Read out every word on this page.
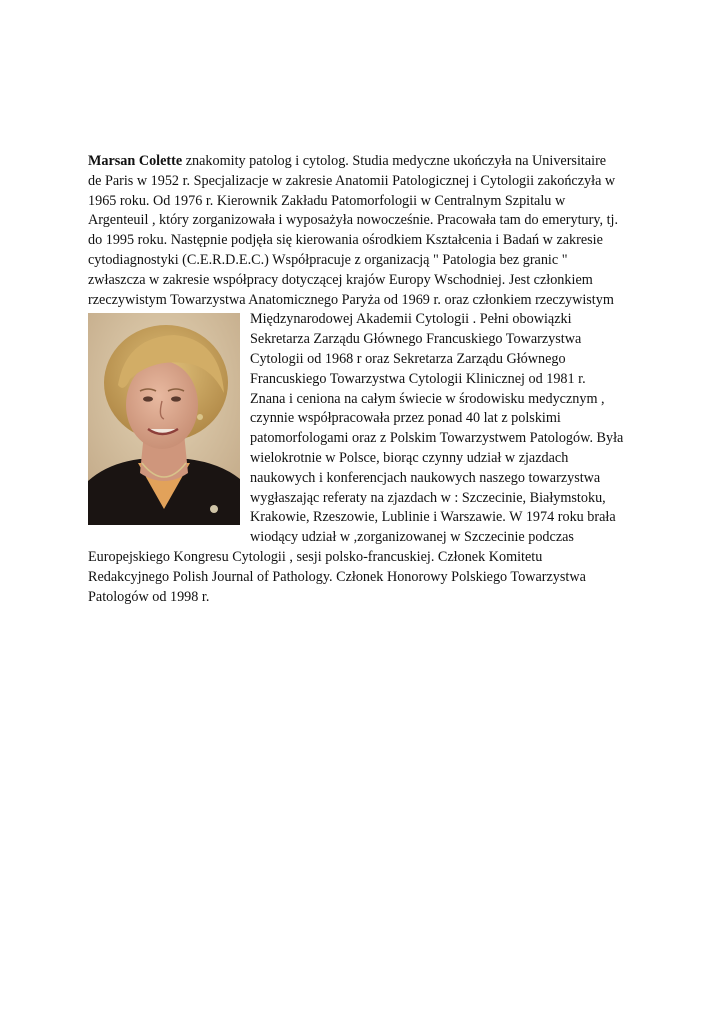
Marsan Colette znakomity patolog i cytolog. Studia medyczne ukończyła na Universitaire
de Paris w 1952 r. Specjalizacje w zakresie Anatomii Patologicznej i Cytologii zakończyła w
1965 roku. Od 1976 r. Kierownik Zakładu Patomorfologii w Centralnym Szpitalu w
Argenteuil , który zorganizowała i wyposażyła nowocześnie. Pracowała tam do emerytury, tj.
do 1995 roku. Następnie podjęła się kierowania ośrodkiem Kształcenia i Badań w zakresie
cytodiagnostyki (C.E.R.D.E.C.) Współpracuje z organizacją " Patologia bez granic "
zwłaszcza w zakresie współpracy dotyczącej krajów Europy Wschodniej. Jest członkiem
rzeczywistym Towarzystwa Anatomicznego Paryża od 1969 r. oraz członkiem rzeczywistym
Międzynarodowej Akademii Cytologii . Pełni obowiązki
Sekretarza Zarządu Głównego Francuskiego Towarzystwa
Cytologii od 1968 r oraz Sekretarza Zarządu Głównego
Francuskiego Towarzystwa Cytologii Klinicznej od 1981 r.
Znana i ceniona na całym świecie w środowisku medycznym ,
czynnie współpracowała przez ponad 40 lat z polskimi
patomorfologami oraz z Polskim Towarzystwem Patologów. Była
wielokrotnie w Polsce, biorąc czynny udział w zjazdach
naukowych i konferencjach naukowych naszego towarzystwa
wygłaszając referaty na zjazdach w : Szczecinie, Białymstoku,
Krakowie, Rzeszowie, Lublinie i Warszawie. W 1974 roku brała
wiodący udział w ,zorganizowanej w Szczecinie podczas
Europejskiego Kongresu Cytologii , sesji polsko-francuskiej. Członek Komitetu
Redakcyjnego Polish Journal of Pathology. Członek Honorowy Polskiego Towarzystwa
Patologów od 1998 r.
